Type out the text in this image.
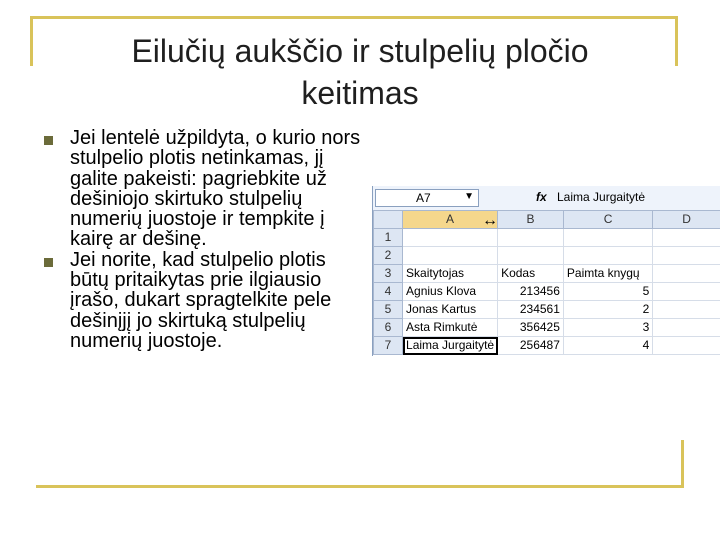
Eilučių aukščio ir stulpelių pločio
keitimas
Jei lentelė užpildyta, o kurio nors stulpelio plotis netinkamas, jį galite pakeisti: pagriebkite už dešiniojo skirtuko stulpelių numerių juostoje ir tempkite į kairę ar dešinę.
Jei norite, kad stulpelio plotis būtų pritaikytas prie ilgiausio įrašo, dukart spragtelkite pele dešinįjį jo skirtuką stulpelių numerių juostoje.
A7	▼	fx Laima Jurgaitytė
	A	B	C	D
1				
2				
3	Skaitytojas	Kodas	Paimta knygų	
4	Agnius Klova	213456	5	
5	Jonas Kartus	234561	2	
6	Asta Rimkutė	356425	3	
7	Laima Jurgaitytė	256487	4	
↔
